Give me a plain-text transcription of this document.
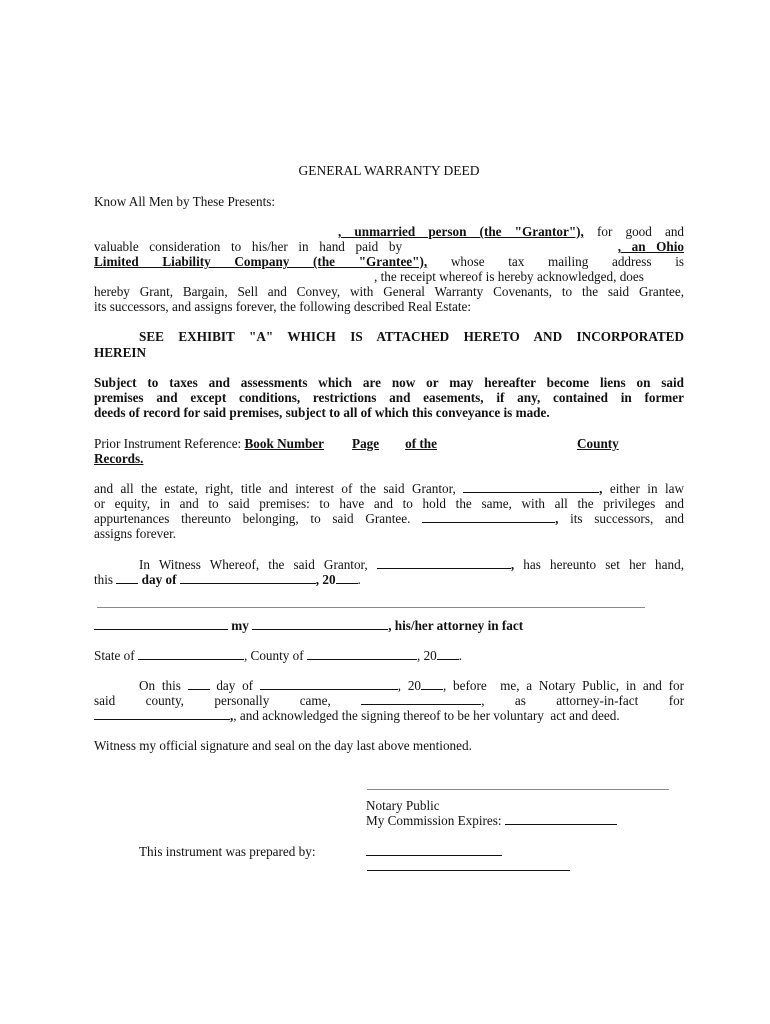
GENERAL WARRANTY DEED
Know All Men by These Presents:
, unmarried person (the "Grantor"), for good and
valuable consideration to his/her in hand paid by	, an Ohio
Limited Liability Company (the "Grantee"), whose tax mailing address is
, the receipt whereof is hereby acknowledged, does
hereby Grant, Bargain, Sell and Convey, with General Warranty Covenants, to the said Grantee,
its successors, and assigns forever, the following described Real Estate:
SEE EXHIBIT "A" WHICH IS ATTACHED HERETO AND INCORPORATED
HEREIN
Subject to taxes and assessments which are now or may hereafter become liens on said
premises and except conditions, restrictions and easements, if any, contained in former
deeds of record for said premises, subject to all of which this conveyance is made.
Prior Instrument Reference: Book Number Page of the	County
Records.
and all the estate, right, title and interest of the said Grantor,	, either in law
or equity, in and to said premises: to have and to hold the same, with all the privileges and
appurtenances thereunto belonging, to said Grantee.	, its successors, and
assigns forever.
In Witness Whereof, the said Grantor,	, has hereunto set her hand,
this day of	, 20 .
my	, his/her attorney in fact
State of	, County of	, 20 .
On this	day of	, 20 , before  me, a Notary Public, in and for
said county, personally came,	, as attorney-in-fact for
,, and acknowledged the signing thereof to be her voluntary  act and deed.
Witness my official signature and seal on the day last above mentioned.
Notary Public
My Commission Expires:
This instrument was prepared by:
